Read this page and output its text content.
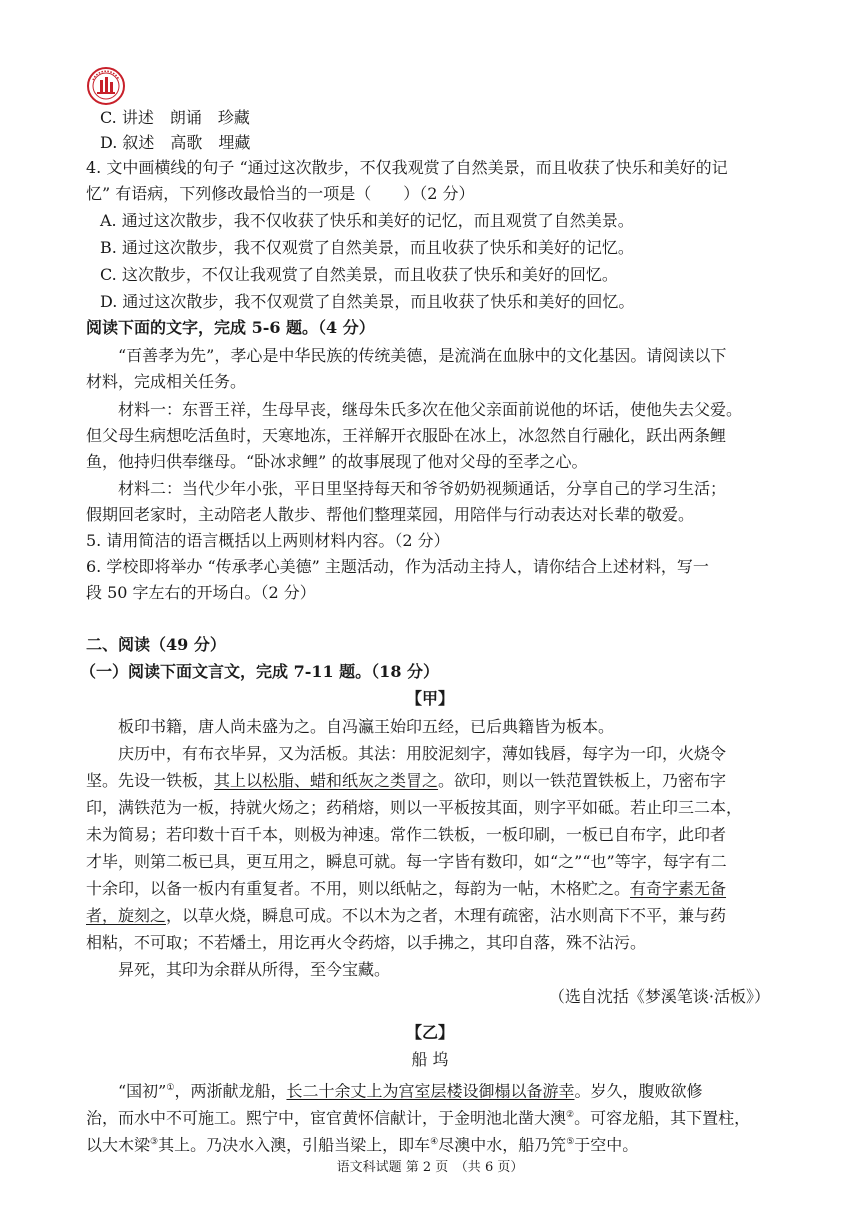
C. 讲述　朗诵　珍藏
D. 叙述　高歌　埋藏
4. 文中画横线的句子 “通过这次散步，不仅我观赏了自然美景，而且收获了快乐和美好的记
忆” 有语病，下列修改最恰当的一项是（　　）（2 分）
A. 通过这次散步，我不仅收获了快乐和美好的记忆，而且观赏了自然美景。
B. 通过这次散步，我不仅观赏了自然美景，而且收获了快乐和美好的记忆。
C. 这次散步，不仅让我观赏了自然美景，而且收获了快乐和美好的回忆。
D. 通过这次散步，我不仅观赏了自然美景，而且收获了快乐和美好的回忆。
阅读下面的文字，完成 5-6 题。（4 分）
“百善孝为先”，孝心是中华民族的传统美德，是流淌在血脉中的文化基因。请阅读以下
材料，完成相关任务。
材料一：东晋王祥，生母早丧，继母朱氏多次在他父亲面前说他的坏话，使他失去父爱。
但父母生病想吃活鱼时，天寒地冻，王祥解开衣服卧在冰上，冰忽然自行融化，跃出两条鲤
鱼，他持归供奉继母。“卧冰求鲤” 的故事展现了他对父母的至孝之心。
材料二：当代少年小张，平日里坚持每天和爷爷奶奶视频通话，分享自己的学习生活；
假期回老家时，主动陪老人散步、帮他们整理菜园，用陪伴与行动表达对长辈的敬爱。
5. 请用简洁的语言概括以上两则材料内容。（2 分）
6. 学校即将举办 “传承孝心美德” 主题活动，作为活动主持人，请你结合上述材料，写一
段 50 字左右的开场白。（2 分）
二、阅读（49 分）
（一）阅读下面文言文，完成 7-11 题。（18 分）
【甲】
板印书籍，唐人尚未盛为之。自冯瀛王始印五经，已后典籍皆为板本。
庆历中，有布衣毕昇，又为活板。其法：用胶泥刻字，薄如钱唇，每字为一印，火烧令
坚。先设一铁板，其上以松脂、蜡和纸灰之类冒之。欲印，则以一铁范置铁板上，乃密布字
印，满铁范为一板，持就火炀之；药稍熔，则以一平板按其面，则字平如砥。若止印三二本，
未为简易；若印数十百千本，则极为神速。常作二铁板，一板印刷，一板已自布字，此印者
才毕，则第二板已具，更互用之，瞬息可就。每一字皆有数印，如“之”“也”等字，每字有二
十余印，以备一板内有重复者。不用，则以纸帖之，每韵为一帖，木格贮之。有奇字素无备
者，旋刻之，以草火烧，瞬息可成。不以木为之者，木理有疏密，沾水则高下不平，兼与药
相粘，不可取；不若燔土，用讫再火令药熔，以手拂之，其印自落，殊不沾污。
昇死，其印为余群从所得，至今宝藏。
（选自沈括《梦溪笔谈·活板》）
【乙】
船 坞
“国初”①，两浙献龙船，长二十余丈上为宫室层楼设御榻以备游幸。岁久，腹败欲修
治，而水中不可施工。熙宁中，宦官黄怀信献计，于金明池北凿大澳②。可容龙船，其下置柱，
以大木梁③其上。乃决水入澳，引船当梁上，即车④尽澳中水，船乃笐⑤于空中。
语文科试题 第 2 页　（共 6 页）
